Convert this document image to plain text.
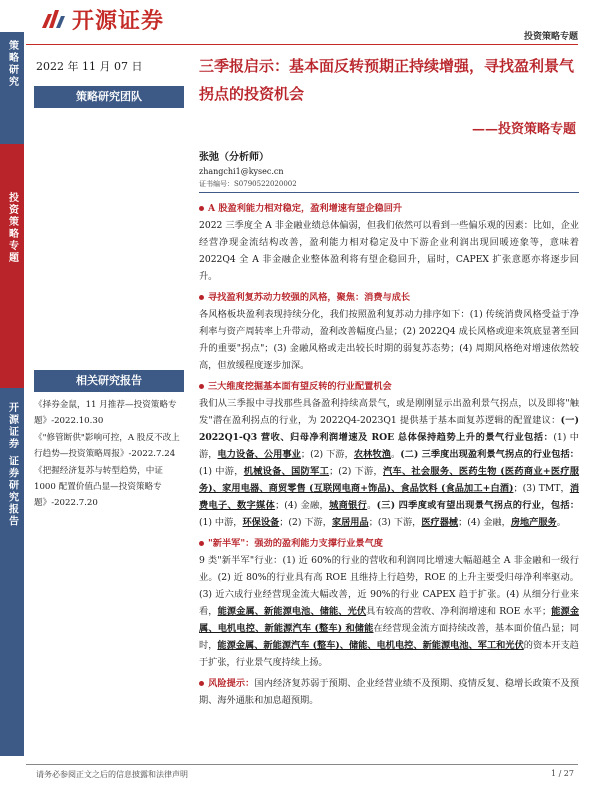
开源证券
投资策略专题
策略研究
投资策略专题
开源证券 证券研究报告
2022 年 11 月 07 日
策略研究团队
相关研究报告
《择券金鼠，11 月推荐—投资策略专题》-2022.10.30
《"修管断供"影响可控，A 股反不改上行趋势—投资策略周报》-2022.7.24
《把握经济复苏与转型趋势，中证1000 配置价值凸显—投资策略专题》-2022.7.20
三季报启示：基本面反转预期正持续增强，寻找盈利景气拐点的投资机会
——投资策略专题
张弛（分析师）
zhangchi1@kysec.cn
证书编号：S0790522020002
A 股盈利能力相对稳定，盈利增速有望企稳回升
2022 三季度全 A 非金融业绩总体偏弱，但我们依然可以看到一些偏乐观的因素：比如，企业经营净现金流结构改善，盈利能力相对稳定及中下游企业利润出现回暖迹象等，意味着 2022Q4 全 A 非金融企业整体盈利将有望企稳回升，届时，CAPEX 扩张意愿亦将逐步回升。
寻找盈利复苏动力较强的风格，聚焦：消费与成长
各风格板块盈利表现持续分化，我们按照盈利复苏动力排序如下：(1) 传统消费风格受益于净利率与资产周转率上升带动，盈利改善幅度凸显；(2) 2022Q4 成长风格或迎来筑底显著至回升的重要"拐点"；(3) 金融风格或走出较长时期的弱复苏态势；(4) 周期风格绝对增速依然较高，但放缓程度逐步加深。
三大维度挖掘基本面有望反转的行业配置机会
我们从三季报中寻找那些具备盈利持续高景气，或是刚刚显示出盈利景气拐点，以及即将"触发"潜在盈利拐点的行业，为 2022Q4-2023Q1 提供基于基本面复苏逻辑的配置建议：(一) 2022Q1-Q3 营收、归母净利润增速及 ROE 总体保持趋势上升的景气行业包括：(1) 中游，电力设备、公用事业；(2) 下游，农林牧渔。(二) 三季度出现盈利景气拐点的行业包括：(1) 中游，机械设备、国防军工；(2) 下游，汽车、社会服务、医药生物 (医药商业+医疗服务)、家用电器、商贸零售 (互联网电商+饰品)、食品饮料 (食品加工+白酒)；(3) TMT，消费电子、数字媒体；(4) 金融，城商银行。(三) 四季度或有望出现景气拐点的行业，包括：(1) 中游，环保设备；(2) 下游，家居用品；(3) 下游，医疗器械；(4) 金融，房地产服务。
"新半军"：强劲的盈利能力支撑行业景气度
9 类"新半军"行业：(1) 近 60%的行业的营收和利润同比增速大幅超越全 A 非金融和一级行业。(2) 近 80%的行业具有高 ROE 且维持上行趋势，ROE 的上升主要受归母净利率驱动。(3) 近六成行业经营现金流大幅改善，近 90%的行业 CAPEX 趋于扩张。(4) 从细分行业来看，能源金属、新能源电池、储能、光伏具有较高的营收、净利润增速和 ROE 水平；能源金属、电机电控、新能源汽车 (整车) 和储能在经营现金流方面持续改善，基本面价值凸显；同时，能源金属、新能源汽车 (整车)、储能、电机电控、新能源电池、军工和光伏的资本开支趋于扩张，行业景气度持续上扬。
风险提示：国内经济复苏弱于预期、企业经营业绩不及预期、疫情反复、稳增长政策不及预期、海外通胀和加息超预期。
请务必参阅正文之后的信息披露和法律声明	1 / 27
